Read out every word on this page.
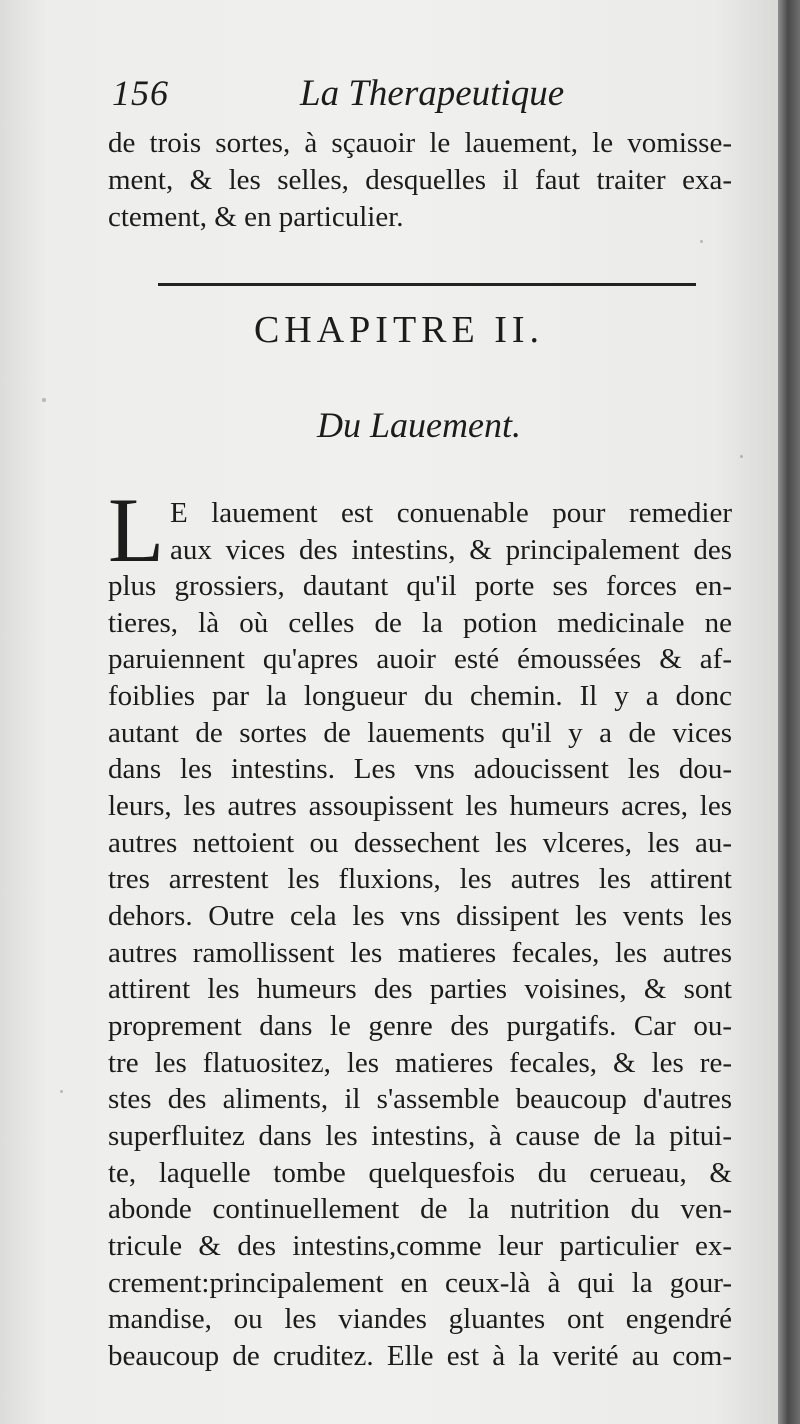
156	La Therapeutique
de trois sortes, à sçauoir le lauement, le vomisse-
ment, & les selles, desquelles il faut traiter exa-
ctement, & en particulier.
CHAPITRE II.
Du Lauement.
L E lauement est conuenable pour remedier
aux vices des intestins, & principalement des
plus grossiers, dautant qu'il porte ses forces en-
tieres, là où celles de la potion medicinale ne
paruiennent qu'apres auoir esté émoussées & af-
foiblies par la longueur du chemin. Il y a donc
autant de sortes de lauements qu'il y a de vices
dans les intestins. Les vns adoucissent les dou-
leurs, les autres assoupissent les humeurs acres, les
autres nettoient ou dessechent les vlceres, les au-
tres arrestent les fluxions, les autres les attirent
dehors. Outre cela les vns dissipent les vents les
autres ramollissent les matieres fecales, les autres
attirent les humeurs des parties voisines, & sont
proprement dans le genre des purgatifs. Car ou-
tre les flatuositez, les matieres fecales, & les re-
stes des aliments, il s'assemble beaucoup d'autres
superfluitez dans les intestins, à cause de la pitui-
te, laquelle tombe quelquesfois du cerueau, &
abonde continuellement de la nutrition du ven-
tricule & des intestins,comme leur particulier ex-
crement:principalement en ceux-là à qui la gour-
mandise, ou les viandes gluantes ont engendré
beaucoup de cruditez. Elle est à la verité au com-
